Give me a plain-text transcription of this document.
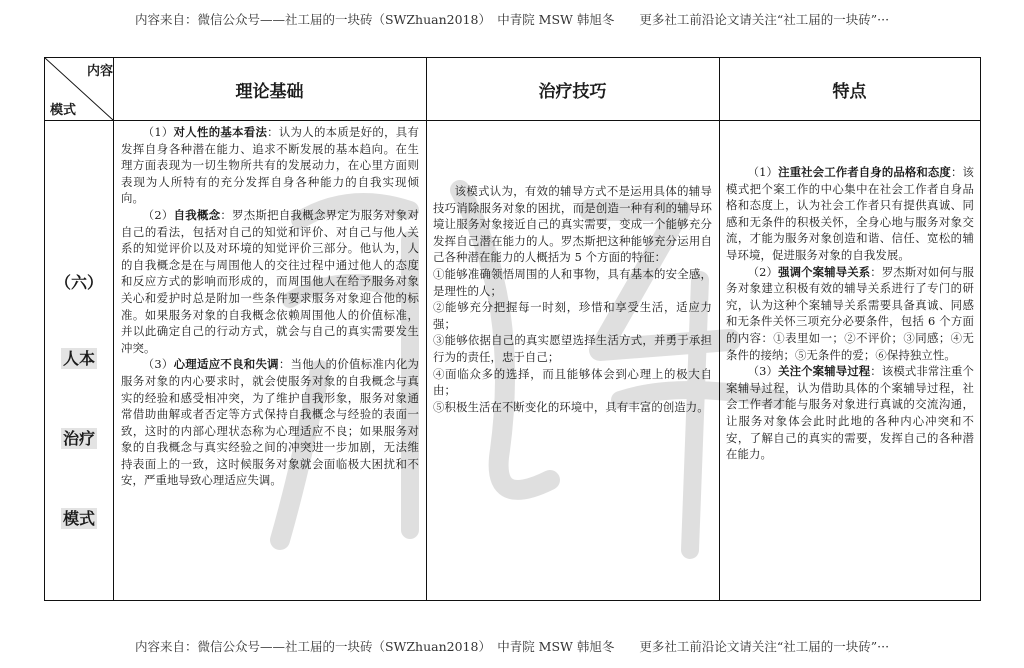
内容来自：微信公众号——社工届的一块砖（SWZhuan2018）　中青院 MSW 韩旭冬　　更多社工前沿论文请关注“社工届的一块砖”···
内容
模式
理论基础	治疗技巧	特点
（六）
人本
治疗
模式

（1）对人性的基本看法：认为人的本质是好的，具有发挥自身各种潜在能力、追求不断发展的基本趋向。在生理方面表现为一切生物所共有的发展动力，在心里方面则表现为人所特有的充分发挥自身各种能力的自我实现倾向。

（2）自我概念：罗杰斯把自我概念界定为服务对象对自己的看法，包括对自己的知觉和评价、对自己与他人关系的知觉评价以及对环境的知觉评价三部分。他认为，人的自我概念是在与周围他人的交往过程中通过他人的态度和反应方式的影响而形成的，而周围他人在给予服务对象关心和爱护时总是附加一些条件要求服务对象迎合他的标准。如果服务对象的自我概念依赖周围他人的价值标准，并以此确定自己的行动方式，就会与自己的真实需要发生冲突。

（3）心理适应不良和失调：当他人的价值标准内化为服务对象的内心要求时，就会使服务对象的自我概念与真实的经验和感受相冲突，为了维护自我形象，服务对象通常借助曲解或者否定等方式保持自我概念与经验的表面一致，这时的内部心理状态称为心理适应不良；如果服务对象的自我概念与真实经验之间的冲突进一步加剧，无法维持表面上的一致，这时候服务对象就会面临极大困扰和不安，严重地导致心理适应失调。

该模式认为，有效的辅导方式不是运用具体的辅导技巧消除服务对象的困扰，而是创造一种有利的辅导环境让服务对象接近自己的真实需要，变成一个能够充分发挥自己潜在能力的人。罗杰斯把这种能够充分运用自己各种潜在能力的人概括为 5 个方面的特征：

①能够准确领悟周围的人和事物，具有基本的安全感，是理性的人；

②能够充分把握每一时刻，珍惜和享受生活，适应力强；

③能够依据自己的真实愿望选择生活方式，并勇于承担行为的责任，忠于自己；

④面临众多的选择，而且能够体会到心理上的极大自由；

⑤积极生活在不断变化的环境中，具有丰富的创造力。

（1）注重社会工作者自身的品格和态度：该模式把个案工作的中心集中在社会工作者自身品格和态度上，认为社会工作者只有提供真诚、同感和无条件的积极关怀，全身心地与服务对象交流，才能为服务对象创造和谐、信任、宽松的辅导环境，促进服务对象的自我发展。

（2）强调个案辅导关系：罗杰斯对如何与服务对象建立积极有效的辅导关系进行了专门的研究，认为这种个案辅导关系需要具备真诚、同感和无条件关怀三项充分必要条件，包括 6 个方面的内容：①表里如一；②不评价；③同感；④无条件的接纳；⑤无条件的爱；⑥保持独立性。

（3）关注个案辅导过程：该模式非常注重个案辅导过程，认为借助具体的个案辅导过程，社会工作者才能与服务对象进行真诚的交流沟通，让服务对象体会此时此地的各种内心冲突和不安，了解自己的真实的需要，发挥自己的各种潜在能力。

内容来自：微信公众号——社工届的一块砖（SWZhuan2018）　中青院 MSW 韩旭冬　　更多社工前沿论文请关注“社工届的一块砖”···
